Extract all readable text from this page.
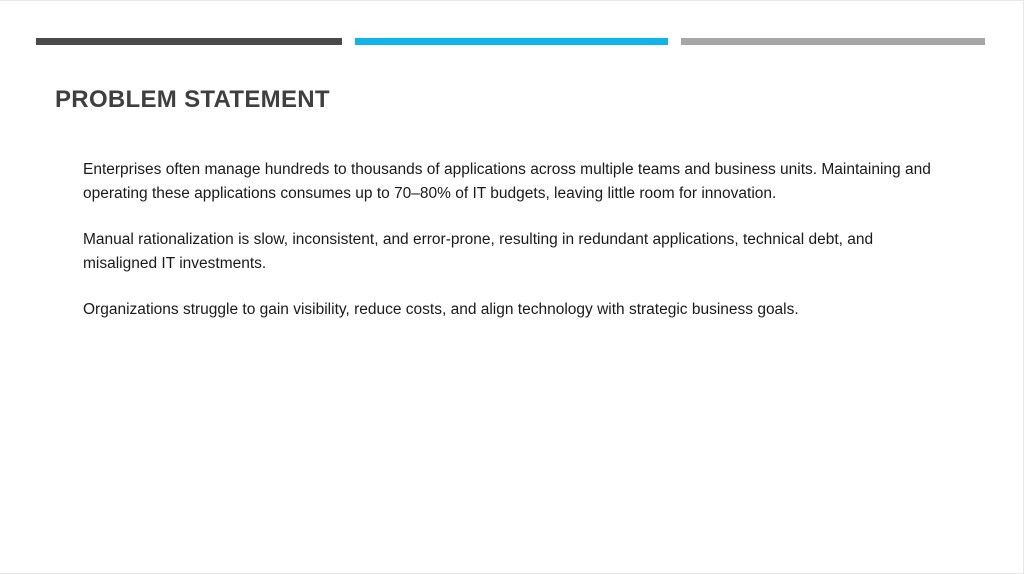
PROBLEM STATEMENT

Enterprises often manage hundreds to thousands of applications across multiple teams and business units. Maintaining and operating these applications consumes up to 70–80% of IT budgets, leaving little room for innovation.

Manual rationalization is slow, inconsistent, and error-prone, resulting in redundant applications, technical debt, and misaligned IT investments.

Organizations struggle to gain visibility, reduce costs, and align technology with strategic business goals.
